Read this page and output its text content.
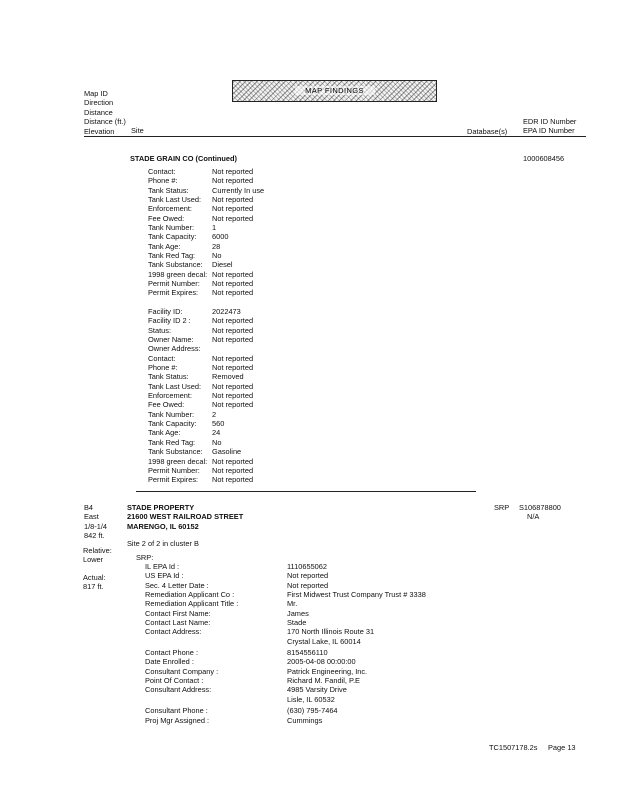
Map ID
Direction
Distance
Distance (ft.)
Elevation	Site
MAP FINDINGS
Database(s)
EDR ID Number
EPA ID Number
STADE GRAIN CO (Continued)	1000608456
Contact:	Not reported
Phone #:	Not reported
Tank Status:	Currently In use
Tank Last Used:	Not reported
Enforcement:	Not reported
Fee Owed:	Not reported
Tank Number:	1
Tank Capacity:	6000
Tank Age:	28
Tank Red Tag:	No
Tank Substance:	Diesel
1998 green decal: Not reported
Permit Number:	Not reported
Permit Expires:	Not reported
Facility ID:	2022473
Facility ID 2 :	Not reported
Status:	Not reported
Owner Name:	Not reported
Owner Address:
Contact:	Not reported
Phone #:	Not reported
Tank Status:	Removed
Tank Last Used:	Not reported
Enforcement:	Not reported
Fee Owed:	Not reported
Tank Number:	2
Tank Capacity:	560
Tank Age:	24
Tank Red Tag:	No
Tank Substance:	Gasoline
1998 green decal: Not reported
Permit Number:	Not reported
Permit Expires:	Not reported
B4
East
1/8-1/4
842 ft.
STADE PROPERTY
21600 WEST RAILROAD STREET
MARENGO, IL 60152
SRP S106878800
N/A
Site 2 of 2 in cluster B
Relative:
Lower
Actual:
817 ft.
SRP:
IL EPA Id :	1110655062
US EPA Id :	Not reported
Sec. 4 Letter Date :	Not reported
Remediation Applicant Co :	First Midwest Trust Company Trust # 3338
Remediation Applicant Title :	Mr.
Contact First Name:	James
Contact Last Name:	Stade
Contact Address:	170 North Illinois Route 31
Crystal Lake, IL 60014
Contact Phone :	8154556110
Date Enrolled :	2005-04-08 00:00:00
Consultant Company :	Patrick Engineering, Inc.
Point Of Contact :	Richard M. Fandil, P.E
Consultant Address:	4985 Varsity Drive
Lisle, IL 60532
Consultant Phone :	(630) 795-7464
Proj Mgr Assigned :	Cummings
TC1507178.2s Page 13
